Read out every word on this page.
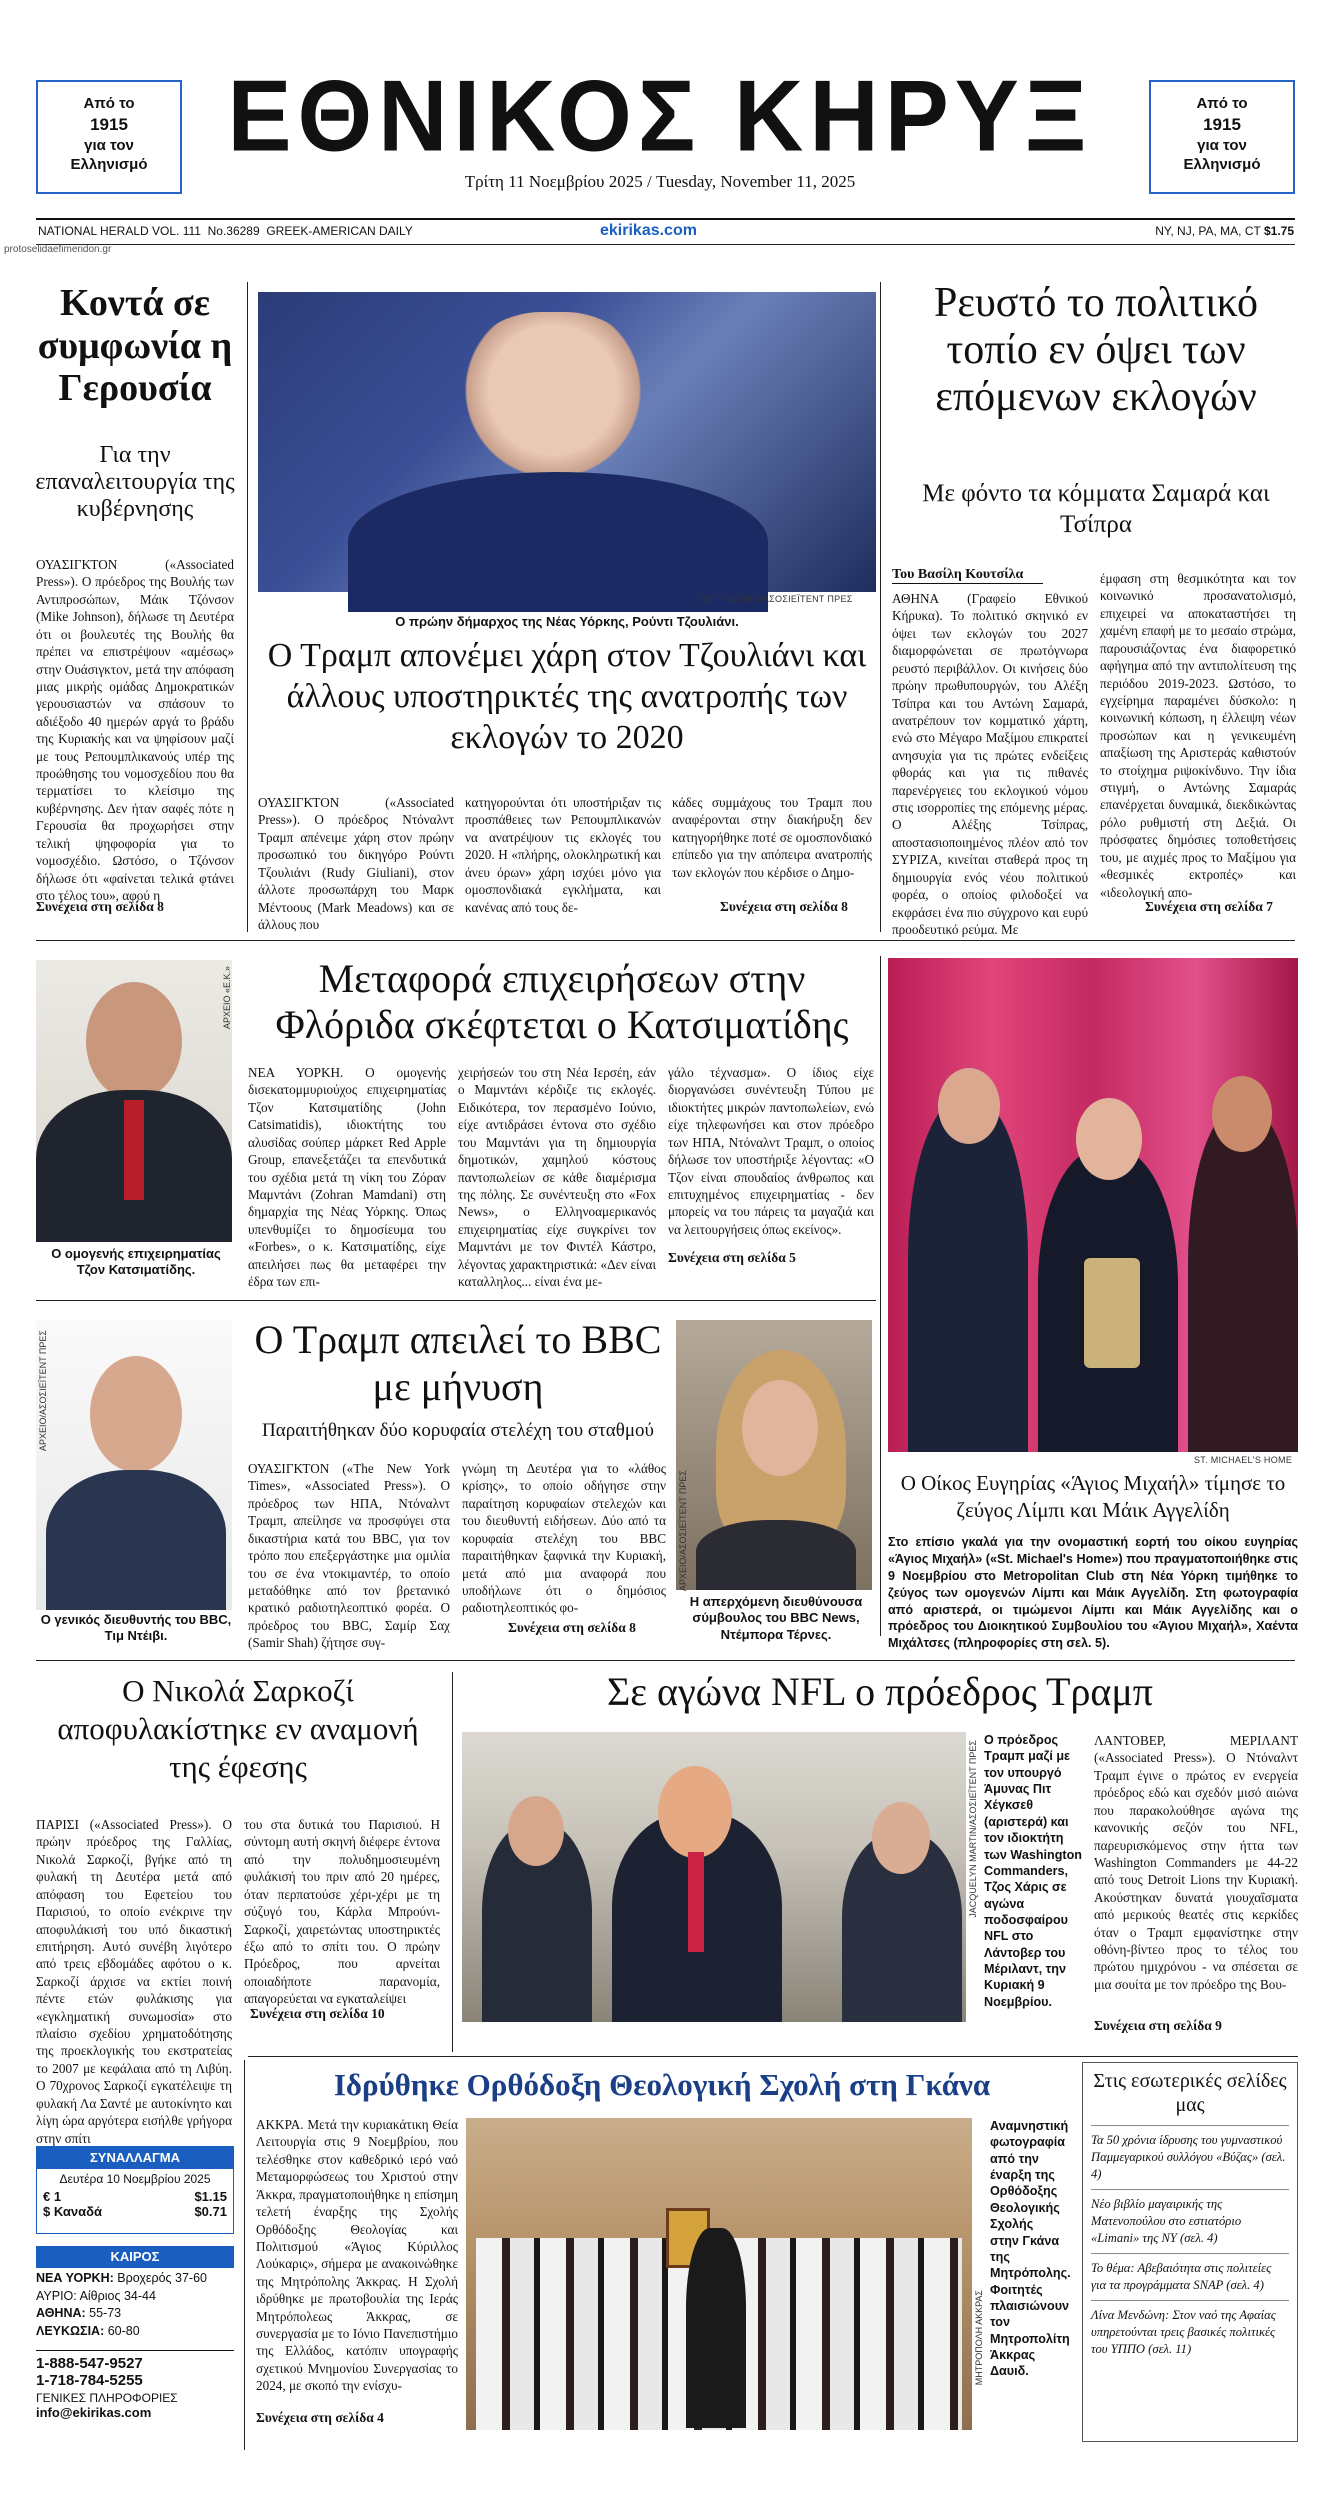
Από το
1915
για τον
Ελληνισμό
Από το
1915
για τον
Ελληνισμό
ΕΘΝΙΚΟΣ ΚΗΡΥΞ
Τρίτη 11 Νοεμβρίου 2025 / Tuesday, November 11, 2025
NATIONAL HERALD VOL. 111  No.36289  GREEK-AMERICAN DAILY	ekirikas.com	NY, NJ, PA, MA, CT $1.75
protoselidaefimeridon.gr
Κοντά σε συμφωνία η Γερουσία
Για την επαναλειτουργία της κυβέρνησης
ΟΥΑΣΙΓΚΤΟΝ («Associated Press»). Ο πρόεδρος της Βουλής των Αντιπροσώπων, Μάικ Τζόνσον (Mike Johnson), δήλωσε τη Δευτέρα ότι οι βουλευτές της Βουλής θα πρέπει να επιστρέψουν «αμέσως» στην Ουάσιγκτον, μετά την απόφαση μιας μικρής ομάδας Δημοκρατικών γερουσιαστών να σπάσουν το αδιέξοδο 40 ημερών αργά το βράδυ της Κυριακής και να ψηφίσουν μαζί με τους Ρεπουμπλικανούς υπέρ της προώθησης του νομοσχεδίου που θα τερματίσει το κλείσιμο της κυβέρνησης. Δεν ήταν σαφές πότε η Γερουσία θα προχωρήσει στην τελική ψηφοφορία για το νομοσχέδιο. Ωστόσο, ο Τζόνσον δήλωσε ότι «φαίνεται τελικά φτάνει στο τέλος του», αφού η
Συνέχεια στη σελίδα 8
SETH WENIG/ΑΣΟΣΙΕΪΤΕΝΤ ΠΡΕΣ
Ο πρώην δήμαρχος της Νέας Υόρκης, Ρούντι Τζουλιάνι.
Ο Τραμπ απονέμει χάρη στον Τζουλιάνι και άλλους υποστηρικτές της ανατροπής των εκλογών το 2020
ΟΥΑΣΙΓΚΤΟΝ («Associated Press»). Ο πρόεδρος Ντόναλντ Τραμπ απένειμε χάρη στον πρώην προσωπικό του δικηγόρο Ρούντι Τζουλιάνι (Rudy Giuliani), στον άλλοτε προσωπάρχη του Μαρκ Μέντοους (Mark Meadows) και σε άλλους που
κατηγορούνται ότι υποστήριξαν τις προσπάθειες των Ρεπουμπλικανών να ανατρέψουν τις εκλογές του 2020. Η «πλήρης, ολοκληρωτική και άνευ όρων» χάρη ισχύει μόνο για ομοσπονδιακά εγκλήματα, και κανένας από τους δε-
κάδες συμμάχους του Τραμπ που αναφέρονται στην διακήρυξη δεν κατηγορήθηκε ποτέ σε ομοσπονδιακό επίπεδο για την απόπειρα ανατροπής των εκλογών που κέρδισε ο Δημο-
Συνέχεια στη σελίδα 8
Ρευστό το πολιτικό τοπίο εν όψει των επόμενων εκλογών
Με φόντο τα κόμματα Σαμαρά και Τσίπρα
Του Βασίλη Κουτσίλα
ΑΘΗΝΑ (Γραφείο Εθνικού Κήρυκα). Το πολιτικό σκηνικό εν όψει των εκλογών του 2027 διαμορφώνεται σε πρωτόγνωρα ρευστό περιβάλλον. Οι κινήσεις δύο πρώην πρωθυπουργών, του Αλέξη Τσίπρα και του Αντώνη Σαμαρά, ανατρέπουν τον κομματικό χάρτη, ενώ στο Μέγαρο Μαξίμου επικρατεί ανησυχία για τις πρώτες ενδείξεις φθοράς και για τις πιθανές παρενέργειες του εκλογικού νόμου στις ισορροπίες της επόμενης μέρας. Ο Αλέξης Τσίπρας, αποστασιοποιημένος πλέον από τον ΣΥΡΙΖΑ, κινείται σταθερά προς τη δημιουργία ενός νέου πολιτικού φορέα, ο οποίος φιλοδοξεί να εκφράσει ένα πιο σύγχρονο και ευρύ προοδευτικό ρεύμα. Με
έμφαση στη θεσμικότητα και τον κοινωνικό προσανατολισμό, επιχειρεί να αποκαταστήσει τη χαμένη επαφή με το μεσαίο στρώμα, παρουσιάζοντας ένα διαφορετικό αφήγημα από την αντιπολίτευση της περιόδου 2019-2023. Ωστόσο, το εγχείρημα παραμένει δύσκολο: η κοινωνική κόπωση, η έλλειψη νέων προσώπων και η γενικευμένη απαξίωση της Αριστεράς καθιστούν το στοίχημα ριψοκίνδυνο. Την ίδια στιγμή, ο Αντώνης Σαμαράς επανέρχεται δυναμικά, διεκδικώντας ρόλο ρυθμιστή στη Δεξιά. Οι πρόσφατες δημόσιες τοποθετήσεις του, με αιχμές προς το Μαξίμου για «θεσμικές εκτροπές» και «ιδεολογική απο-
Συνέχεια στη σελίδα 7
ΑΡΧΕΙΟ «Ε.Κ.»
Ο ομογενής επιχειρηματίας Τζον Κατσιματίδης.
Μεταφορά επιχειρήσεων στην Φλόριδα σκέφτεται ο Κατσιματίδης
ΝΕΑ ΥΟΡΚΗ. Ο ομογενής δισεκατομμυριούχος επιχειρηματίας Τζον Κατσιματίδης (John Catsimatidis), ιδιοκτήτης του αλυσίδας σούπερ μάρκετ Red Apple Group, επανεξετάζει τα επενδυτικά του σχέδια μετά τη νίκη του Ζόραν Μαμντάνι (Zohran Mamdani) στη δημαρχία της Νέας Υόρκης. Όπως υπενθυμίζει το δημοσίευμα του «Forbes», ο κ. Κατσιματίδης, είχε απειλήσει πως θα μεταφέρει την έδρα των επι-
χειρήσεών του στη Νέα Ιερσέη, εάν ο Μαμντάνι κέρδιζε τις εκλογές. Ειδικότερα, τον περασμένο Ιούνιο, είχε αντιδράσει έντονα στο σχέδιο του Μαμντάνι για τη δημιουργία δημοτικών, χαμηλού κόστους παντοπωλείων σε κάθε διαμέρισμα της πόλης. Σε συνέντευξη στο «Fox News», ο Ελληνοαμερικανός επιχειρηματίας είχε συγκρίνει τον Μαμντάνι με τον Φιντέλ Κάστρο, λέγοντας χαρακτηριστικά: «Δεν είναι καταλληλος... είναι ένα με-
γάλο τέχνασμα». Ο ίδιος είχε διοργανώσει συνέντευξη Τύπου με ιδιοκτήτες μικρών παντοπωλείων, ενώ είχε τηλεφωνήσει και στον πρόεδρο των ΗΠΑ, Ντόναλντ Τραμπ, ο οποίος δήλωσε τον υποστήριξε λέγοντας: «Ο Τζον είναι σπουδαίος άνθρωπος και επιτυχημένος επιχειρηματίας - δεν μπορείς να του πάρεις τα μαγαζιά και να λειτουργήσεις όπως εκείνος».
Συνέχεια στη σελίδα 5
ST. MICHAEL'S HOME
Ο Οίκος Ευγηρίας «Άγιος Μιχαήλ» τίμησε το ζεύγος Λίμπι και Μάικ Αγγελίδη
Στο επίσιο γκαλά για την ονομαστική εορτή του οίκου ευγηρίας «Άγιος Μιχαήλ» («St. Michael's Home») που πραγματοποιήθηκε στις 9 Νοεμβρίου στο Metropolitan Club στη Νέα Υόρκη τιμήθηκε το ζεύγος των ομογενών Λίμπι και Μάικ Αγγελίδη. Στη φωτογραφία από αριστερά, οι τιμώμενοι Λίμπι και Μάικ Αγγελίδης και ο πρόεδρος του Διοικητικού Συμβουλίου του «Άγιου Μιχαήλ», Χαέντα Μιχάλτσες (πληροφορίες στη σελ. 5).
ΑΡΧΕΙΟ/ΑΣΟΣΙΕΪΤΕΝΤ ΠΡΕΣ
Ο γενικός διευθυντής του BBC, Τιμ Ντέιβι.
Ο Τραμπ απειλεί το BBC με μήνυση
Παραιτήθηκαν δύο κορυφαία στελέχη του σταθμού
ΟΥΑΣΙΓΚΤΟΝ («The New York Times», «Associated Press»). Ο πρόεδρος των ΗΠΑ, Ντόναλντ Τραμπ, απείλησε να προσφύγει στα δικαστήρια κατά του BBC, για τον τρόπο που επεξεργάστηκε μια ομιλία του σε ένα ντοκιμαντέρ, το οποίο μεταδόθηκε από τον βρετανικό κρατικό ραδιοτηλεοπτικό φορέα. Ο πρόεδρος του BBC, Σαμίρ Σαχ (Samir Shah) ζήτησε συγ-
γνώμη τη Δευτέρα για το «λάθος κρίσης», το οποίο οδήγησε στην παραίτηση κορυφαίων στελεχών και του διευθυντή ειδήσεων. Δύο από τα κορυφαία στελέχη του BBC παραιτήθηκαν ξαφνικά την Κυριακή, μετά από μια αναφορά που υποδήλωνε ότι ο δημόσιος ραδιοτηλεοπτικός φο-
Συνέχεια στη σελίδα 8
ΑΡΧΕΙΟ/ΑΣΟΣΙΕΪΤΕΝΤ ΠΡΕΣ
Η απερχόμενη διευθύνουσα σύμβουλος του BBC News, Ντέμπορα Τέρνες.
Ο Νικολά Σαρκοζί αποφυλακίστηκε εν αναμονή της έφεσης
ΠΑΡΙΣΙ («Associated Press»). Ο πρώην πρόεδρος της Γαλλίας, Νικολά Σαρκοζί, βγήκε από τη φυλακή τη Δευτέρα μετά από απόφαση του Εφετείου του Παρισιού, το οποίο ενέκρινε την αποφυλάκισή του υπό δικαστική επιτήρηση. Αυτό συνέβη λιγότερο από τρεις εβδομάδες αφότου ο κ. Σαρκοζί άρχισε να εκτίει ποινή πέντε ετών φυλάκισης για «εγκληματική συνωμοσία» στο πλαίσιο σχεδίου χρηματοδότησης της προεκλογικής του εκστρατείας το 2007 με κεφάλαια από τη Λιβύη. Ο 70χρονος Σαρκοζί εγκατέλειψε τη φυλακή Λα Σαντέ με αυτοκίνητο και λίγη ώρα αργότερα εισήλθε γρήγορα στην σπίτι
του στα δυτικά του Παρισιού. Η σύντομη αυτή σκηνή διέφερε έντονα από την πολυδημοσιευμένη φυλάκισή του πριν από 20 ημέρες, όταν περπατούσε χέρι-χέρι με τη σύζυγό του, Κάρλα Μπρούνι-Σαρκοζί, χαιρετώντας υποστηρικτές έξω από το σπίτι του. Ο πρώην Πρόεδρος, που αρνείται οποιαδήποτε παρανομία, απαγορεύεται να εγκαταλείψει
Συνέχεια στη σελίδα 10
Σε αγώνα NFL ο πρόεδρος Τραμπ
JACQUELYN MARTIN/ΑΣΟΣΙΕΪΤΕΝΤ ΠΡΕΣ Ο πρόεδρος Τραμπ μαζί με τον υπουργό Άμυνας Πιτ Χέγκσεθ (αριστερά) και τον ιδιοκτήτη των Washington Commanders, Τζος Χάρις σε αγώνα ποδοσφαίρου NFL στο Λάντοβερ του Μέριλαντ, την Κυριακή 9 Νοεμβρίου.
ΛΑΝΤΟΒΕΡ, ΜΕΡΙΛΑΝΤ («Associated Press»). Ο Ντόναλντ Τραμπ έγινε ο πρώτος εν ενεργεία πρόεδρος εδώ και σχεδόν μισό αιώνα που παρακολούθησε αγώνα της κανονικής σεζόν του NFL, παρευρισκόμενος στην ήττα των Washington Commanders με 44-22 από τους Detroit Lions την Κυριακή. Ακούστηκαν δυνατά γιουχαΐσματα από μερικούς θεατές στις κερκίδες όταν ο Τραμπ εμφανίστηκε στην οθόνη-βίντεο προς το τέλος του πρώτου ημιχρόνου - να σπέσεται σε μια σουίτα με τον πρόεδρο της Βου-
Συνέχεια στη σελίδα 9
ΣΥΝΑΛΛΑΓΜΑ
Δευτέρα 10 Νοεμβρίου 2025
€ 1	$1.15
$ Καναδά	$0.71
ΚΑΙΡΟΣ
ΝΕΑ ΥΟΡΚΗ: Βροχερός 37-60
ΑΥΡΙΟ: Αίθριος 34-44
ΑΘΗΝΑ: 55-73
ΛΕΥΚΩΣΙΑ: 60-80
1-888-547-9527
1-718-784-5255
ΓΕΝΙΚΕΣ ΠΛΗΡΟΦΟΡΙΕΣ
info@ekirikas.com
Ιδρύθηκε Ορθόδοξη Θεολογική Σχολή στη Γκάνα
ΑΚΚΡΑ. Μετά την κυριακάτικη Θεία Λειτουργία στις 9 Νοεμβρίου, που τελέσθηκε στον καθεδρικό ιερό ναό Μεταμορφώσεως του Χριστού στην Άκκρα, πραγματοποιήθηκε η επίσημη τελετή έναρξης της Σχολής Ορθόδοξης Θεολογίας και Πολιτισμού «Άγιος Κύριλλος Λούκαρις», σήμερα με ανακοινώθηκε της Μητρόπολης Άκκρας. Η Σχολή ιδρύθηκε με πρωτοβουλία της Ιεράς Μητρόπολεως Άκκρας, σε συνεργασία με το Ιόνιο Πανεπιστήμιο της Ελλάδος, κατόπιν υπογραφής σχετικού Μνημονίου Συνεργασίας το 2024, με σκοπό την ενίσχυ-
Συνέχεια στη σελίδα 4
ΜΗΤΡΟΠΟΛΗ ΑΚΚΡΑΣ
Αναμνηστική φωτογραφία από την έναρξη της Ορθόδοξης Θεολογικής Σχολής στην Γκάνα της Μητρόπολης. Φοιτητές πλαισιώνουν τον Μητροπολίτη Άκκρας Δαυιδ.
Στις εσωτερικές σελίδες μας
Τα 50 χρόνια ίδρυσης του γυμναστικού Παμμεγαρικού συλλόγου «Βύζας» (σελ. 4)
Νέο βιβλίο μαγαιρικής της Ματενοπούλου στο εστιατόριο «Limani» της ΝΥ (σελ. 4)
Το θέμα: Αβεβαιότητα στις πολιτείες για τα προγράμματα SNAP (σελ. 4)
Λίνα Μενδώνη: Στον ναό της Αφαίας υπηρετούνται τρεις βασικές πολιτικές του ΥΠΠΟ (σελ. 11)
